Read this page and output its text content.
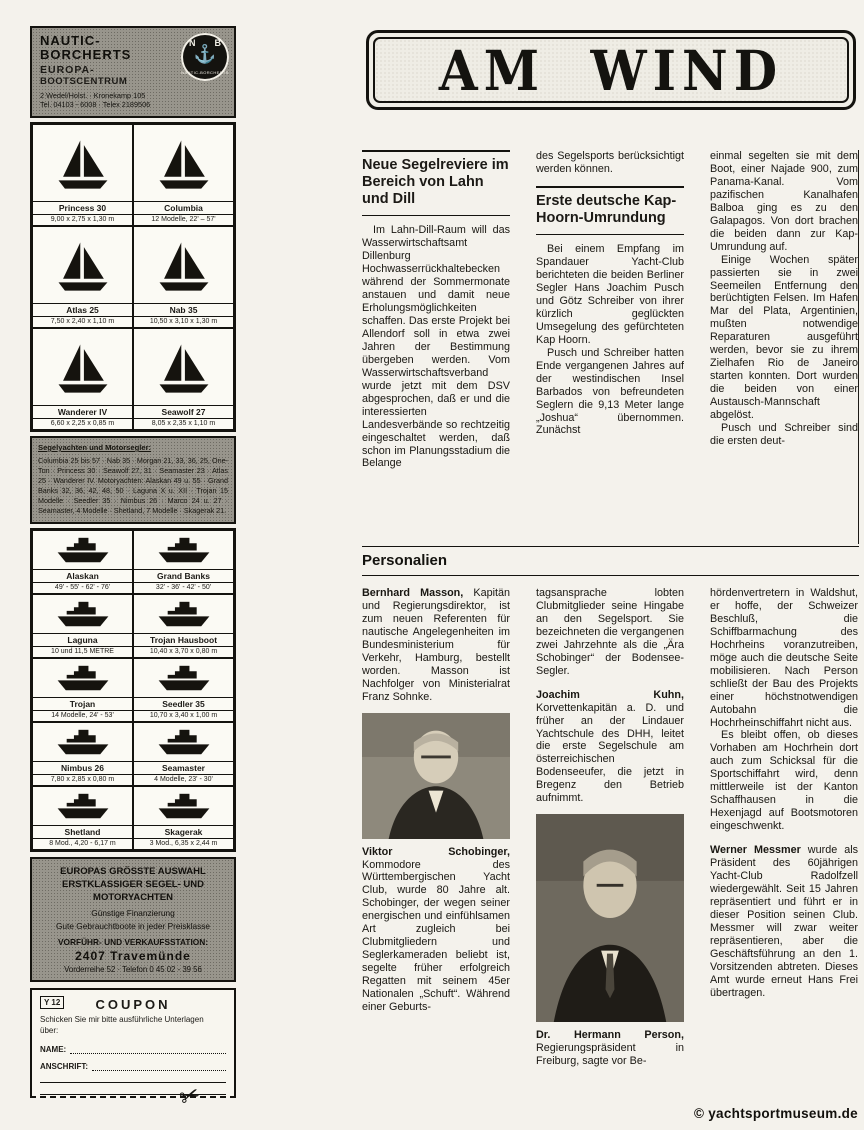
NAUTIC-
BORCHERTS
EUROPA-
BOOTSCENTRUM
2 Wedel/Holst. · Kronekamp 105
Tel. 04103 - 6008 · Telex 2189506
N B
⚓
NAUTIC-BORCHERTS
Princess 30
9,00 x 2,75 x 1,30 m
Columbia
12 Modelle, 22' – 57'
Atlas 25
7,50 x 2,40 x 1,10 m
Nab 35
10,50 x 3,10 x 1,30 m
Wanderer IV
6,60 x 2,25 x 0,85 m
Seawolf 27
8,05 x 2,35 x 1,10 m
Segelyachten und Motorsegler:
Columbia 25 bis 57 · Nab 35 · Morgan 21, 33, 36, 25, One-Ton · Princess 30 · Seawolf 27, 31 · Seamaster 23 · Atlas 25 · Wanderer IV. Motoryachten: Alaskan 49 u. 55 · Grand Banks 32, 36, 42, 48, 50 · Laguna X u. XII · Trojan 15 Modelle · Seedler 35 · Nimbus 26 · Marco 24 u. 27 · Seamaster, 4 Modelle · Shetland, 7 Modelle · Skagerak 21.
Alaskan
49' - 55' - 62' - 76'
Grand Banks
32' - 36' - 42' - 50'
Laguna
10 und 11,5 METRE
Trojan Hausboot
10,40 x 3,70 x 0,80 m
Trojan
14 Modelle, 24' - 53'
Seedler 35
10,70 x 3,40 x 1,00 m
Nimbus 26
7,80 x 2,85 x 0,80 m
Seamaster
4 Modelle, 23' - 30'
Shetland
8 Mod., 4,20 - 6,17 m
Skagerak
3 Mod., 6,35 x 2,44 m
EUROPAS GRÖSSTE AUSWAHL
ERSTKLASSIGER SEGEL- UND MOTORYACHTEN
Günstige Finanzierung
Gute Gebrauchtboote in jeder Preisklasse
VORFÜHR- UND VERKAUFSSTATION:
2407 Travemünde
Vorderreihe 52 · Telefon 0 45 02 - 39 56
Y 12	COUPON
Schicken Sie mir bitte ausführliche Unterlagen über:
NAME:
ANSCHRIFT:
✂
AM WIND
Neue Segelreviere im Bereich von Lahn und Dill

Im Lahn-Dill-Raum will das Wasserwirtschaftsamt Dillenburg Hochwasserrückhaltebecken während der Sommermonate anstauen und damit neue Erholungsmöglichkeiten schaffen. Das erste Projekt bei Allendorf soll in etwa zwei Jahren der Bestimmung übergeben werden. Vom Wasserwirtschaftsverband wurde jetzt mit dem DSV abgesprochen, daß er und die interessierten Landesverbände so rechtzeitig eingeschaltet werden, daß schon im Planungsstadium die Belange

des Segelsports berücksichtigt werden können.

Erste deutsche Kap-Hoorn-Umrundung

Bei einem Empfang im Spandauer Yacht-Club berichteten die beiden Berliner Segler Hans Joachim Pusch und Götz Schreiber von ihrer kürzlich geglückten Umsegelung des gefürchteten Kap Hoorn.

Pusch und Schreiber hatten Ende vergangenen Jahres auf der westindischen Insel Barbados von befreundeten Seglern die 9,13 Meter lange „Joshua“ übernommen. Zunächst

einmal segelten sie mit dem Boot, einer Najade 900, zum Panama-Kanal. Vom pazifischen Kanalhafen Balboa ging es zu den Galapagos. Von dort brachen die beiden dann zur Kap-Umrundung auf.

Einige Wochen später passierten sie in zwei Seemeilen Entfernung den berüchtigten Felsen. Im Hafen Mar del Plata, Argentinien, mußten notwendige Reparaturen ausgeführt werden, bevor sie zu ihrem Zielhafen Rio de Janeiro starten konnten. Dort wurden die beiden von einer Austausch-Mannschaft abgelöst.

Pusch und Schreiber sind die ersten deut-

Personalien

Bernhard Masson, Kapitän und Regierungsdirektor, ist zum neuen Referenten für nautische Angelegenheiten im Bundesministerium für Verkehr, Hamburg, bestellt worden. Masson ist Nachfolger von Ministerialrat Franz Sohnke.

Viktor Schobinger, Kommodore des Württembergischen Yacht Club, wurde 80 Jahre alt. Schobinger, der wegen seiner energischen und einfühlsamen Art zugleich bei Clubmitgliedern und Seglerkameraden beliebt ist, segelte früher erfolgreich Regatten mit seinem 45er Nationalen „Schuft“. Während einer Geburts-

tagsansprache lobten Clubmitglieder seine Hingabe an den Segelsport. Sie bezeichneten die vergangenen zwei Jahrzehnte als die „Ära Schobinger“ der Bodensee-Segler.

Joachim Kuhn, Korvettenkapitän a. D. und früher an der Lindauer Yachtschule des DHH, leitet die erste Segelschule am österreichischen Bodenseeufer, die jetzt in Bregenz den Betrieb aufnimmt.

Dr. Hermann Person, Regierungspräsident in Freiburg, sagte vor Be-

hördenvertretern in Waldshut, er hoffe, der Schweizer Beschluß, die Schiffbarmachung des Hochrheins voranzutreiben, möge auch die deutsche Seite mobilisieren. Nach Person schließt der Bau des Projekts einer höchstnotwendigen Autobahn die Hochrheinschiffahrt nicht aus.

Es bleibt offen, ob dieses Vorhaben am Hochrhein dort auch zum Schicksal für die Sportschiffahrt wird, denn mittlerweile ist der Kanton Schaffhausen in die Hexenjagd auf Bootsmotoren eingeschwenkt.

Werner Messmer wurde als Präsident des 60jährigen Yacht-Club Radolfzell wiedergewählt. Seit 15 Jahren repräsentiert und führt er in dieser Position seinen Club. Messmer will zwar weiter repräsentieren, aber die Geschäftsführung an den 1. Vorsitzenden abtreten. Dieses Amt wurde erneut Hans Frei übertragen.

© yachtsportmuseum.de
